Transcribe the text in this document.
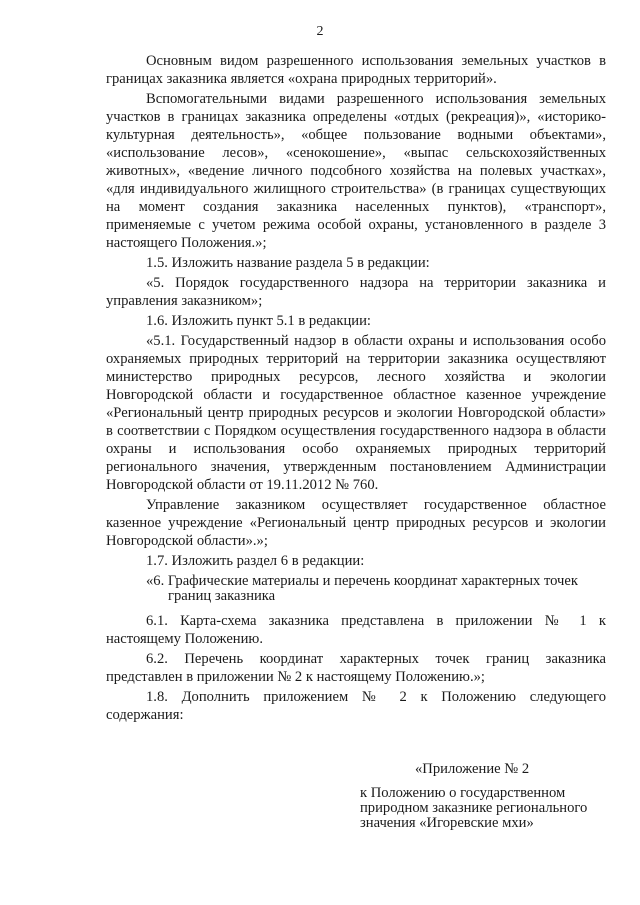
2

Основным видом разрешенного использования земельных участков в границах заказника является «охрана природных территорий».

Вспомогательными видами разрешенного использования земельных участков в границах заказника определены «отдых (рекреация)», «историко-культурная деятельность», «общее пользование водными объектами», «использование лесов», «сенокошение», «выпас сельскохозяйственных животных», «ведение личного подсобного хозяйства на полевых участках», «для индивидуального жилищного строительства» (в границах существующих на момент создания заказника населенных пунктов), «транспорт», применяемые с учетом режима особой охраны, установленного в разделе 3 настоящего Положения.»;

1.5. Изложить название раздела 5 в редакции:

«5. Порядок государственного надзора на территории заказника и управления заказником»;

1.6. Изложить пункт 5.1 в редакции:

«5.1. Государственный надзор в области охраны и использования особо охраняемых природных территорий на территории заказника осуществляют министерство природных ресурсов, лесного хозяйства и экологии Новгородской области и государственное областное казенное учреждение «Региональный центр природных ресурсов и экологии Новгородской области» в соответствии с Порядком осуществления государственного надзора в области охраны и использования особо охраняемых природных территорий регионального значения, утвержденным постановлением Администрации Новгородской области от 19.11.2012 № 760.

Управление заказником осуществляет государственное областное казенное учреждение «Региональный центр природных ресурсов и экологии Новгородской области».»;

1.7. Изложить раздел 6 в редакции:

«6. Графические материалы и перечень координат характерных точек
границ заказника

6.1. Карта-схема заказника представлена в приложении № 1 к настоящему Положению.

6.2. Перечень координат характерных точек границ заказника представлен в приложении № 2 к настоящему Положению.»;

1.8. Дополнить приложением № 2 к Положению следующего содержания:

«Приложение № 2
к Положению о государственном
природном заказнике регионального
значения «Игоревские мхи»
